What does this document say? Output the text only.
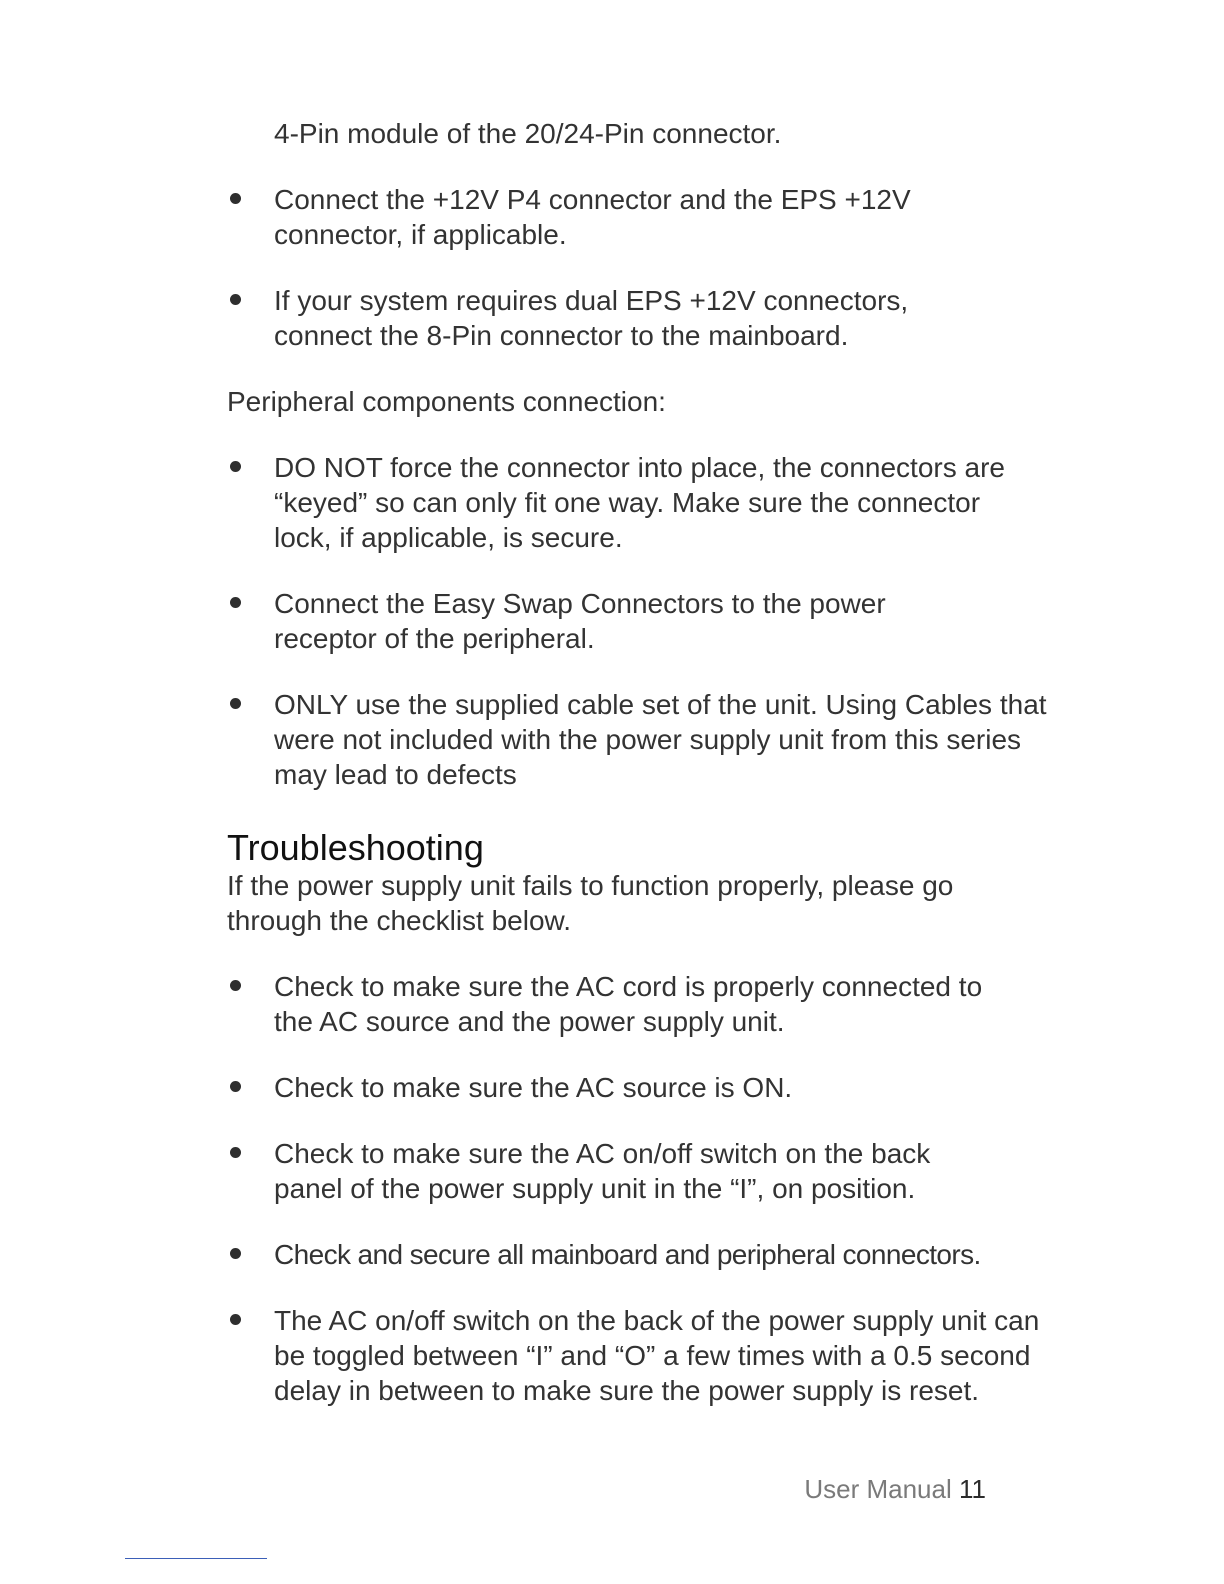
4-Pin module of the 20/24-Pin connector.

Connect the +12V P4 connector and the EPS +12V connector, if applicable.
If your system requires dual EPS +12V connectors, connect the 8-Pin connector to the mainboard.

Peripheral components connection:

DO NOT force the connector into place, the connectors are “keyed” so can only fit one way. Make sure the connector lock, if applicable, is secure.
Connect the Easy Swap Connectors to the power receptor of the peripheral.
ONLY use the supplied cable set of the unit. Using Cables that were not included with the power supply unit from this series may lead to defects
Troubleshooting

If the power supply unit fails to function properly, please go through the checklist below.

Check to make sure the AC cord is properly connected to the AC source and the power supply unit.
Check to make sure the AC source is ON.
Check to make sure the AC on/off switch on the back panel of the power supply unit in the “I”, on position.
Check and secure all mainboard and peripheral connectors.
The AC on/off switch on the back of the power supply unit can be toggled between “I” and “O” a few times with a 0.5 second delay in between to make sure the power supply is reset.
User Manual 11
